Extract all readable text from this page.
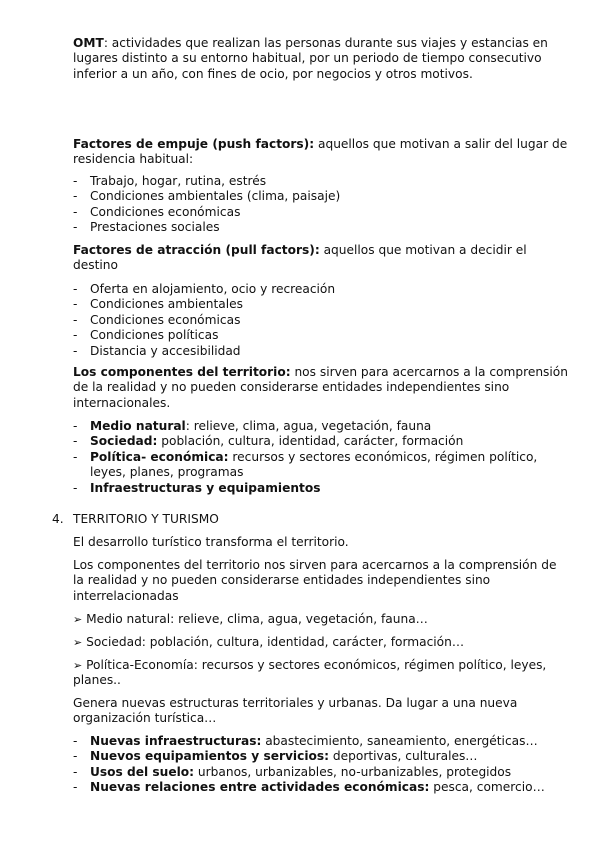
OMT: actividades que realizan las personas durante sus viajes y estancias en lugares distinto a su entorno habitual, por un periodo de tiempo consecutivo inferior a un año, con fines de ocio, por negocios y otros motivos.

Factores de empuje (push factors): aquellos que motivan a salir del lugar de residencia habitual:

- Trabajo, hogar, rutina, estrés
- Condiciones ambientales (clima, paisaje)
- Condiciones económicas
- Prestaciones sociales

Factores de atracción (pull factors): aquellos que motivan a decidir el destino

- Oferta en alojamiento, ocio y recreación
- Condiciones ambientales
- Condiciones económicas
- Condiciones políticas
- Distancia y accesibilidad

Los componentes del territorio: nos sirven para acercarnos a la comprensión de la realidad y no pueden considerarse entidades independientes sino internacionales.

- Medio natural: relieve, clima, agua, vegetación, fauna
- Sociedad: población, cultura, identidad, carácter, formación
- Política- económica: recursos y sectores económicos, régimen político, leyes, planes, programas
- Infraestructuras y equipamientos
4. TERRITORIO Y TURISMO

El desarrollo turístico transforma el territorio.

Los componentes del territorio nos sirven para acercarnos a la comprensión de la realidad y no pueden considerarse entidades independientes sino interrelacionadas

➢ Medio natural: relieve, clima, agua, vegetación, fauna…

➢ Sociedad: población, cultura, identidad, carácter, formación…

➢ Política-Economía: recursos y sectores económicos, régimen político, leyes, planes..

Genera nuevas estructuras territoriales y urbanas. Da lugar a una nueva organización turística…

- Nuevas infraestructuras: abastecimiento, saneamiento, energéticas…
- Nuevos equipamientos y servicios: deportivas, culturales…
- Usos del suelo: urbanos, urbanizables, no-urbanizables, protegidos
- Nuevas relaciones entre actividades económicas: pesca, comercio…
